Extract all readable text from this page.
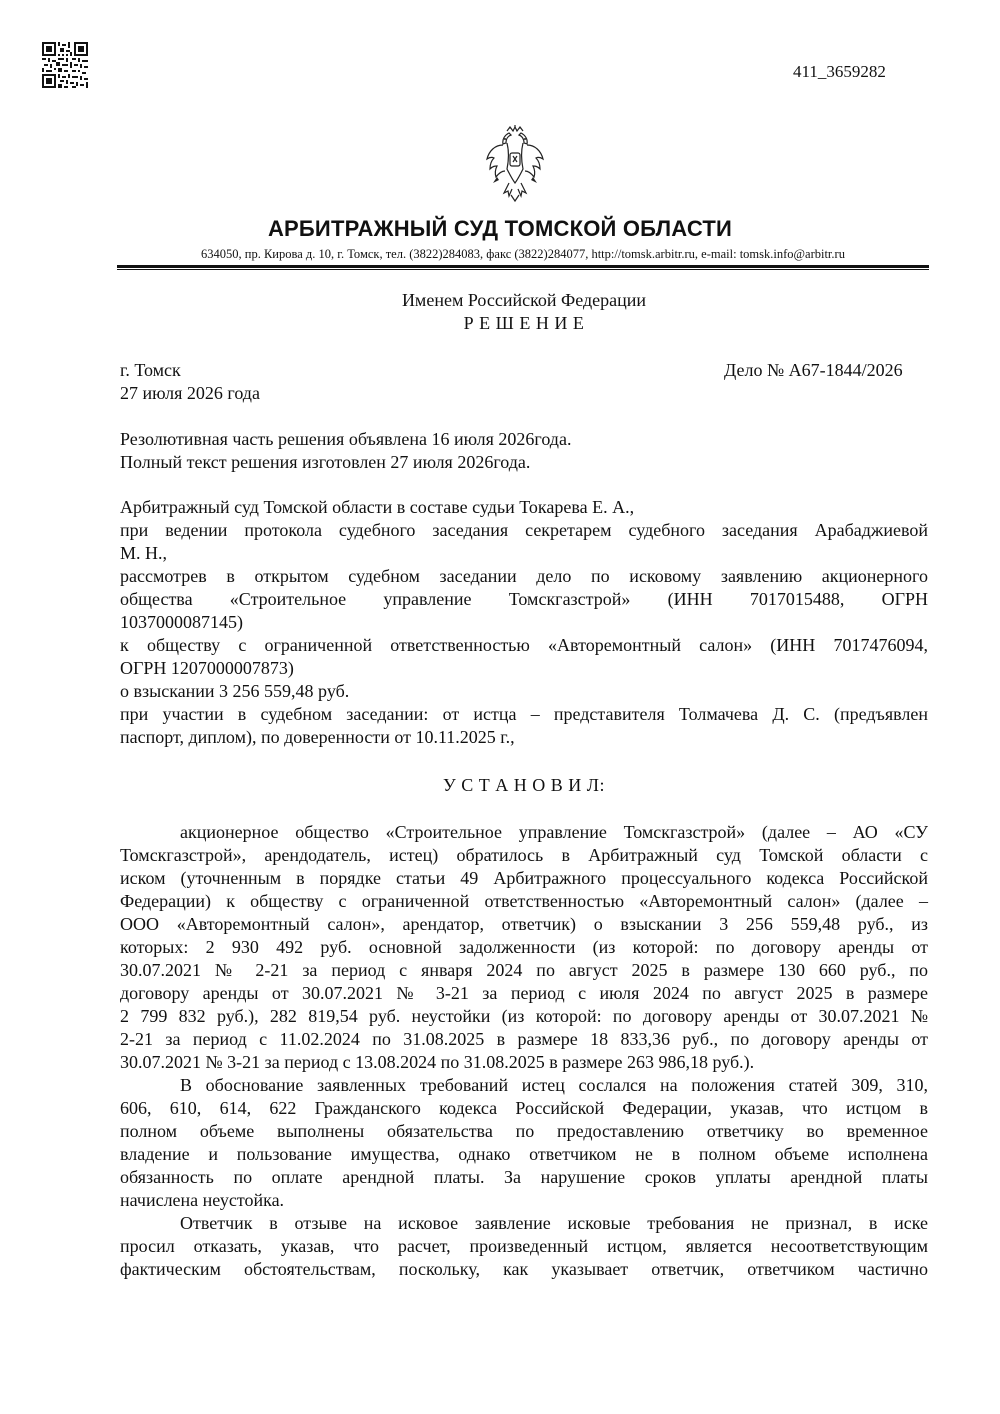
411_3659282
АРБИТРАЖНЫЙ СУД ТОМСКОЙ ОБЛАСТИ
634050, пр. Кирова д. 10, г. Томск, тел. (3822)284083, факс (3822)284077, http://tomsk.arbitr.ru, e-mail: tomsk.info@arbitr.ru
Именем Российской Федерации
Р Е Ш Е Н И Е
г. Томск	Дело № А67-1844/2026
27 июля 2026 года
Резолютивная часть решения объявлена 16 июля 2026года.
Полный текст решения изготовлен 27 июля 2026года.
Арбитражный суд Томской области в составе судьи Токарева Е. А.,
при ведении протокола судебного заседания секретарем судебного заседания Арабаджиевой
М. Н.,
рассмотрев в открытом судебном заседании дело по исковому заявлению акционерного
общества «Строительное управление Томскгазстрой» (ИНН 7017015488, ОГРН
1037000087145)
к обществу с ограниченной ответственностью «Авторемонтный салон» (ИНН 7017476094,
ОГРН 1207000007873)
о взыскании 3 256 559,48 руб.
при участии в судебном заседании: от истца – представителя Толмачева Д. С. (предъявлен
паспорт, диплом), по доверенности от 10.11.2025 г.,
У С Т А Н О В И Л:
акционерное общество «Строительное управление Томскгазстрой» (далее – АО «СУ
Томскгазстрой», арендодатель, истец) обратилось в Арбитражный суд Томской области с
иском (уточненным в порядке статьи 49 Арбитражного процессуального кодекса Российской
Федерации) к обществу с ограниченной ответственностью «Авторемонтный салон» (далее –
ООО «Авторемонтный салон», арендатор, ответчик) о взыскании 3 256 559,48 руб., из
которых: 2 930 492 руб. основной задолженности (из которой: по договору аренды от
30.07.2021 № 2-21 за период с января 2024 по август 2025 в размере 130 660 руб., по
договору аренды от 30.07.2021 № 3-21 за период с июля 2024 по август 2025 в размере
2 799 832 руб.), 282 819,54 руб. неустойки (из которой: по договору аренды от 30.07.2021 №
2-21 за период с 11.02.2024 по 31.08.2025 в размере 18 833,36 руб., по договору аренды от
30.07.2021 № 3-21 за период с 13.08.2024 по 31.08.2025 в размере 263 986,18 руб.).
В обоснование заявленных требований истец сослался на положения статей 309, 310,
606, 610, 614, 622 Гражданского кодекса Российской Федерации, указав, что истцом в
полном объеме выполнены обязательства по предоставлению ответчику во временное
владение и пользование имущества, однако ответчиком не в полном объеме исполнена
обязанность по оплате арендной платы. За нарушение сроков уплаты арендной платы
начислена неустойка.
Ответчик в отзыве на исковое заявление исковые требования не признал, в иске
просил отказать, указав, что расчет, произведенный истцом, является несоответствующим
фактическим обстоятельствам, поскольку, как указывает ответчик, ответчиком частично
